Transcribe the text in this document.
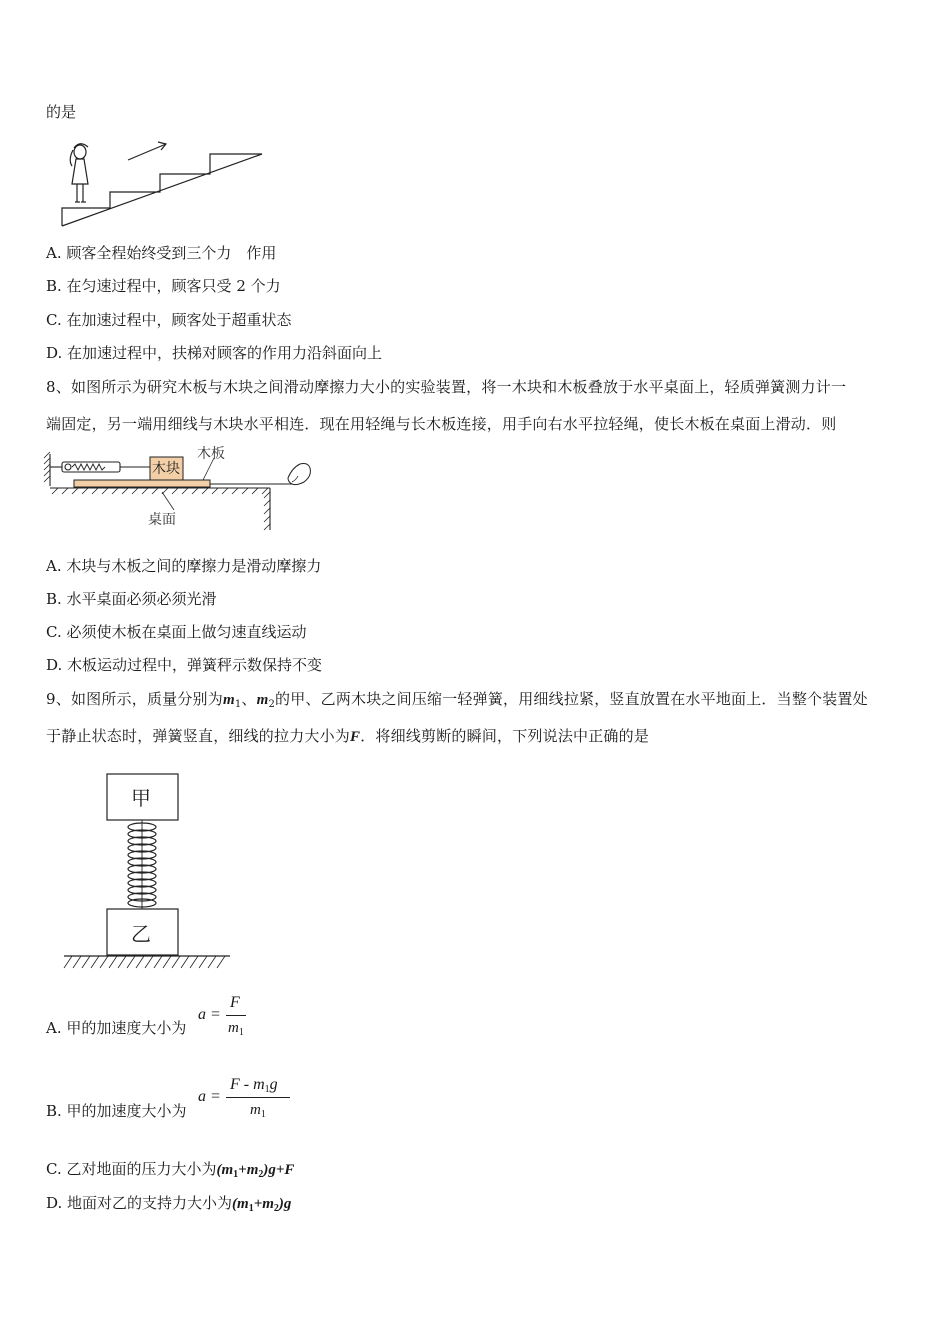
的是
A. 顾客全程始终受到三个力　作用
B. 在匀速过程中，顾客只受 2 个力
C. 在加速过程中，顾客处于超重状态
D. 在加速过程中，扶梯对顾客的作用力沿斜面向上
8、如图所示为研究木板与木块之间滑动摩擦力大小的实验装置，将一木块和木板叠放于水平桌面上，轻质弹簧测力计一
端固定，另一端用细线与木块水平相连．现在用轻绳与长木板连接，用手向右水平拉轻绳，使长木板在桌面上滑动．则
木块
木板
桌面
A. 木块与木板之间的摩擦力是滑动摩擦力
B. 水平桌面必须必须光滑
C. 必须使木板在桌面上做匀速直线运动
D. 木板运动过程中，弹簧秤示数保持不变
9、如图所示，质量分别为$m_1$、$m_2$的甲、乙两木块之间压缩一轻弹簧，用细线拉紧，竖直放置在水平地面上．当整个装置处
于静止状态时，弹簧竖直，细线的拉力大小为F．将细线剪断的瞬间，下列说法中正确的是
甲
乙
A. 甲的加速度大小为
a =
F
$m_1$
B. 甲的加速度大小为
a =
F - $m_1g$
$m_1$
C. 乙对地面的压力大小为$(m_1+m_2)g+F$
D. 地面对乙的支持力大小为$(m_1+m_2)g$
